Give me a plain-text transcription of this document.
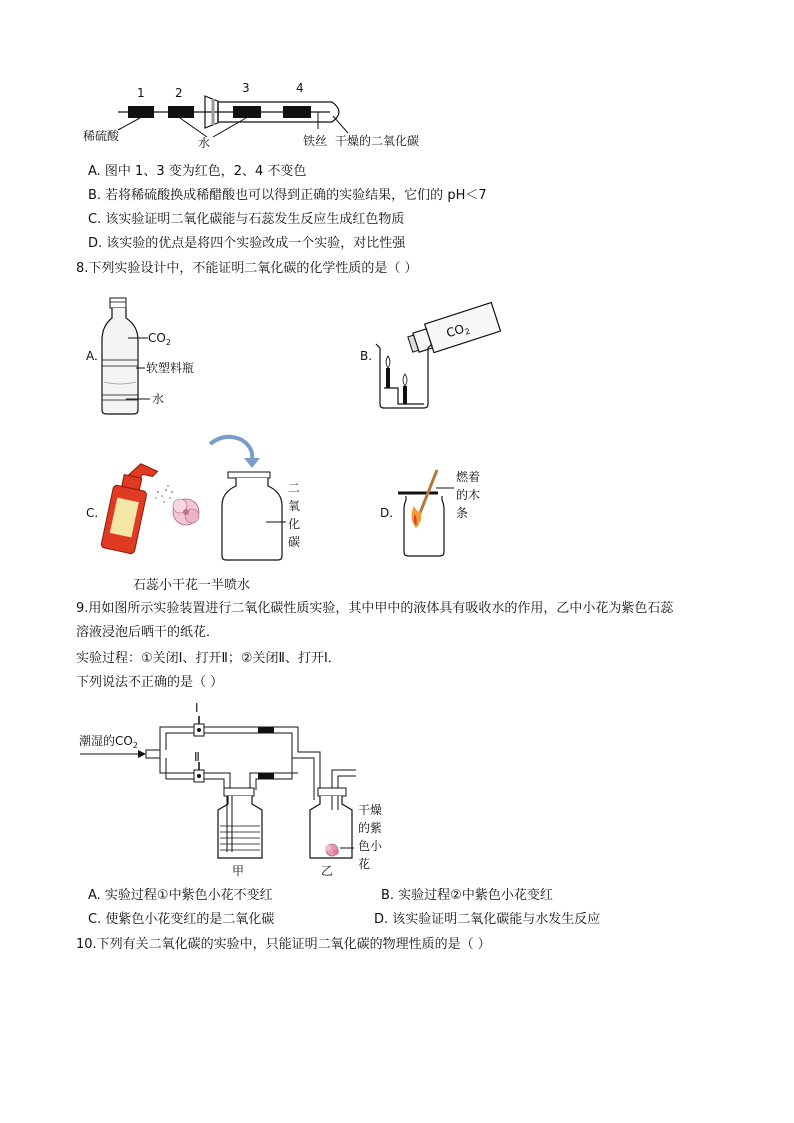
1	2	3	4
稀硫酸	水	铁丝 干燥的二氧化碳
A. 图中 1、3 变为红色，2、4 不变色
B. 若将稀硫酸换成稀醋酸也可以得到正确的实验结果，它们的 pH＜7
C. 该实验证明二氧化碳能与石蕊发生反应生成红色物质
D. 该实验的优点是将四个实验改成一个实验，对比性强
8.下列实验设计中，不能证明二氧化碳的化学性质的是（ ）
A.
$CO_2$
软塑料瓶
水
B.
$CO_2$
C.
二
氧
化
碳
石蕊小干花一半喷水
D.
燃着
的木
条
9.用如图所示实验装置进行二氧化碳性质实验，其中甲中的液体具有吸收水的作用，乙中小花为紫色石蕊
溶液浸泡后晒干的纸花．
实验过程：①关闭Ⅰ、打开Ⅱ；②关闭Ⅱ、打开Ⅰ．
下列说法不正确的是（ ）
潮湿的$CO_2$
Ⅰ
Ⅱ
甲	乙
干燥
的紫
色小
花
A. 实验过程①中紫色小花不变红	B. 实验过程②中紫色小花变红
C. 使紫色小花变红的是二氧化碳	D. 该实验证明二氧化碳能与水发生反应
10.下列有关二氧化碳的实验中，只能证明二氧化碳的物理性质的是（ ）
